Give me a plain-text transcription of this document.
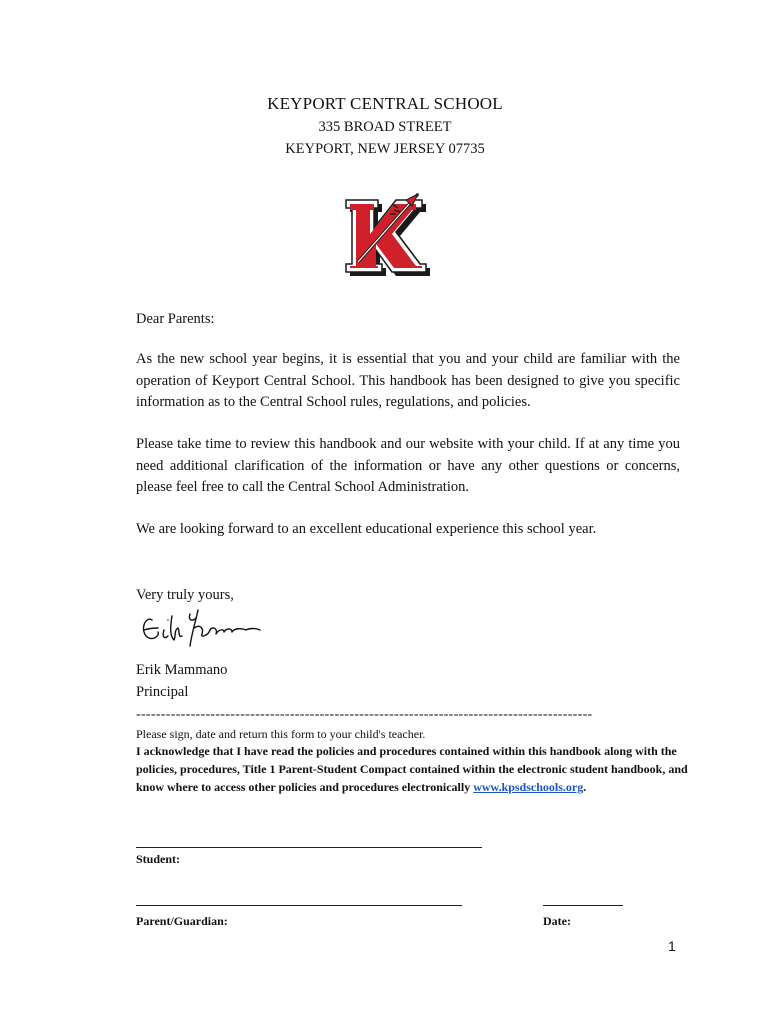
KEYPORT CENTRAL SCHOOL
335 BROAD STREET
KEYPORT, NEW JERSEY 07735
Dear Parents:
As the new school year begins, it is essential that you and your child are familiar with the operation of Keyport Central School. This handbook has been designed to give you specific information as to the Central School rules, regulations, and policies.
Please take time to review this handbook and our website with your child. If at any time you need additional clarification of the information or have any other questions or concerns, please feel free to call the Central School Administration.
We are looking forward to an excellent educational experience this school year.
Very truly yours,
Erik Mammano
Principal
--------------------------------------------------------------------------------------------
Please sign, date and return this form to your child's teacher.
I acknowledge that I have read the policies and procedures contained within this handbook along with the policies, procedures, Title 1 Parent-Student Compact contained within the electronic student handbook, and know where to access other policies and procedures electronically www.kpsdschools.org.
Student:
Parent/Guardian:	Date:
1
